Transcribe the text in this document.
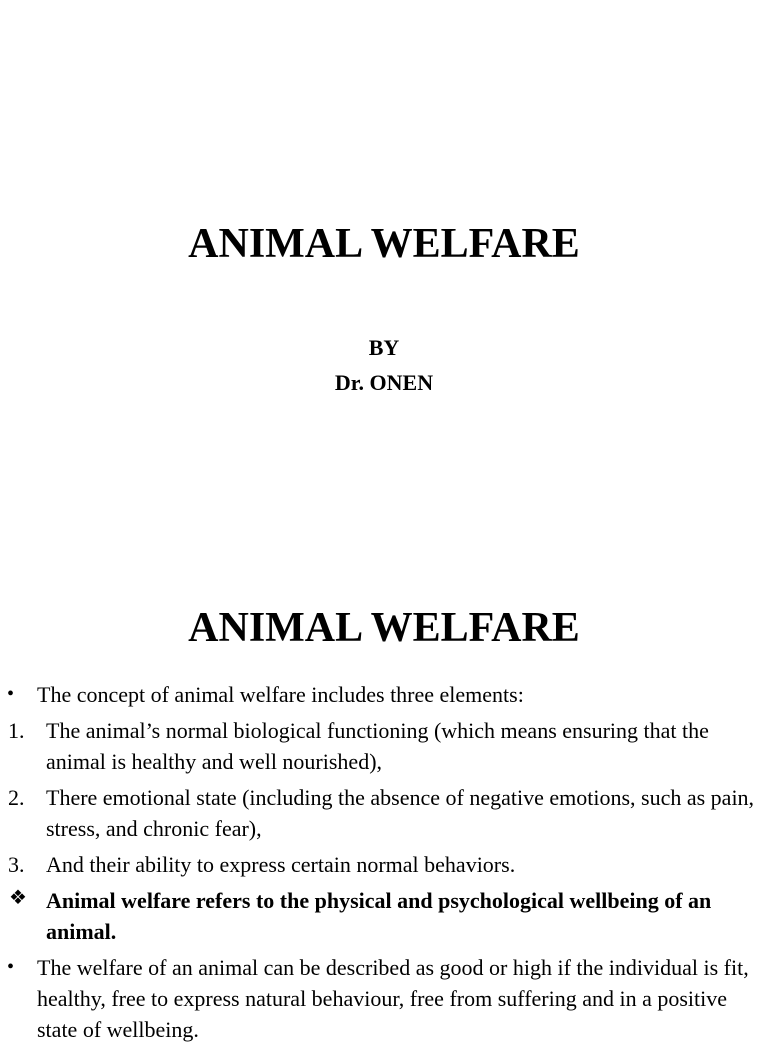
ANIMAL WELFARE
BY
Dr. ONEN
ANIMAL WELFARE
•	The concept of animal welfare includes three elements:
1. The animal’s normal biological functioning (which means ensuring that the animal is healthy and well nourished),
2. There emotional state (including the absence of negative emotions, such as pain, stress, and chronic fear),
3. And their ability to express certain normal behaviors.
❖ Animal welfare refers to the physical and psychological wellbeing of an animal.
•	The welfare of an animal can be described as good or high if the individual is fit, healthy, free to express natural behaviour, free from suffering and in a positive state of wellbeing.
